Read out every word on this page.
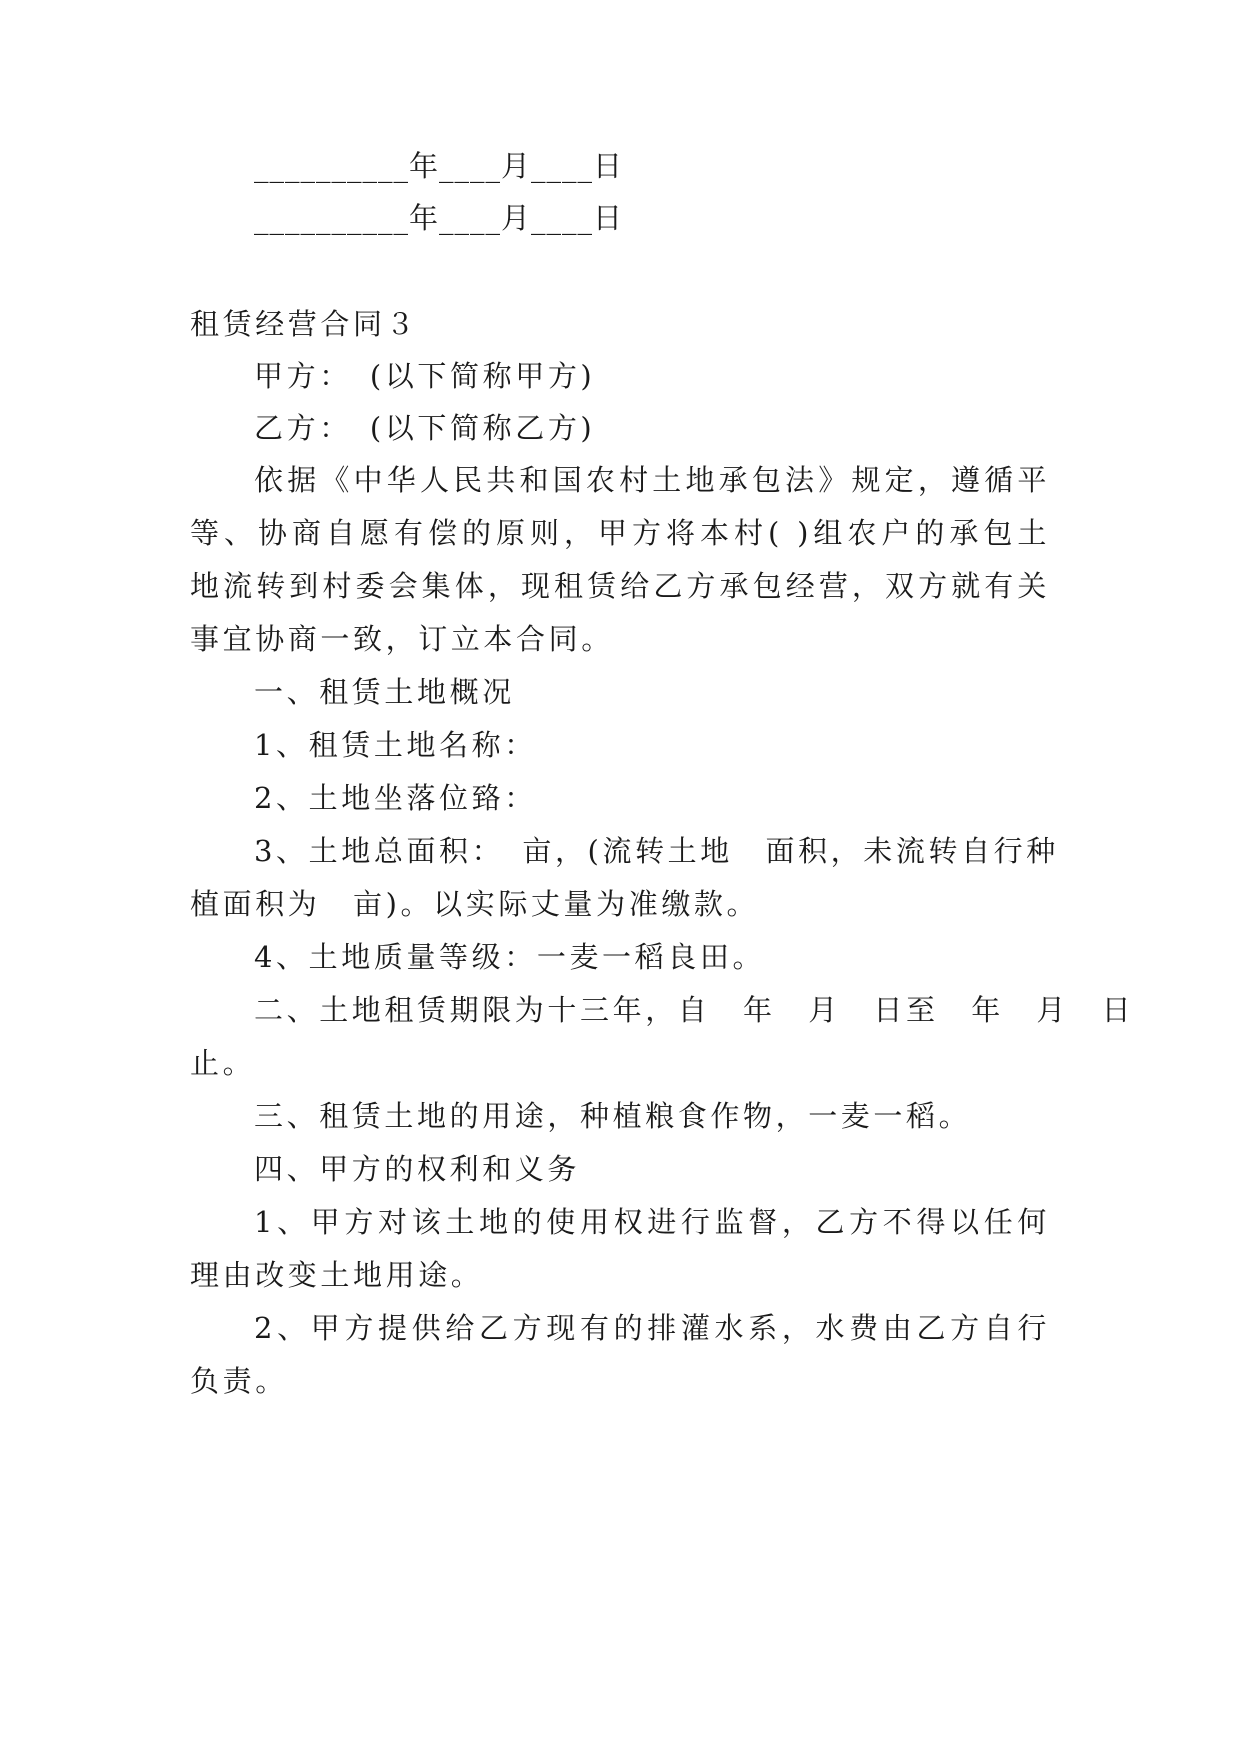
__________年____月____日
__________年____月____日
租赁经营合同３
甲方：　(以下简称甲方)
乙方：　(以下简称乙方)
依据《中华人民共和国农村土地承包法》规定，遵循平
等、协商自愿有偿的原则，甲方将本村( )组农户的承包土
地流转到村委会集体，现租赁给乙方承包经营，双方就有关
事宜协商一致，订立本合同。
一、租赁土地概况
1、租赁土地名称：
2、土地坐落位臵：
3、土地总面积：　亩，(流转土地　面积，未流转自行种
植面积为　亩)。以实际丈量为准缴款。
4、土地质量等级：一麦一稻良田。
二、土地租赁期限为十三年，自　年　月　日至　年　月　日
止。
三、租赁土地的用途，种植粮食作物，一麦一稻。
四、甲方的权利和义务
1、甲方对该土地的使用权进行监督，乙方不得以任何
理由改变土地用途。
2、甲方提供给乙方现有的排灌水系，水费由乙方自行
负责。
